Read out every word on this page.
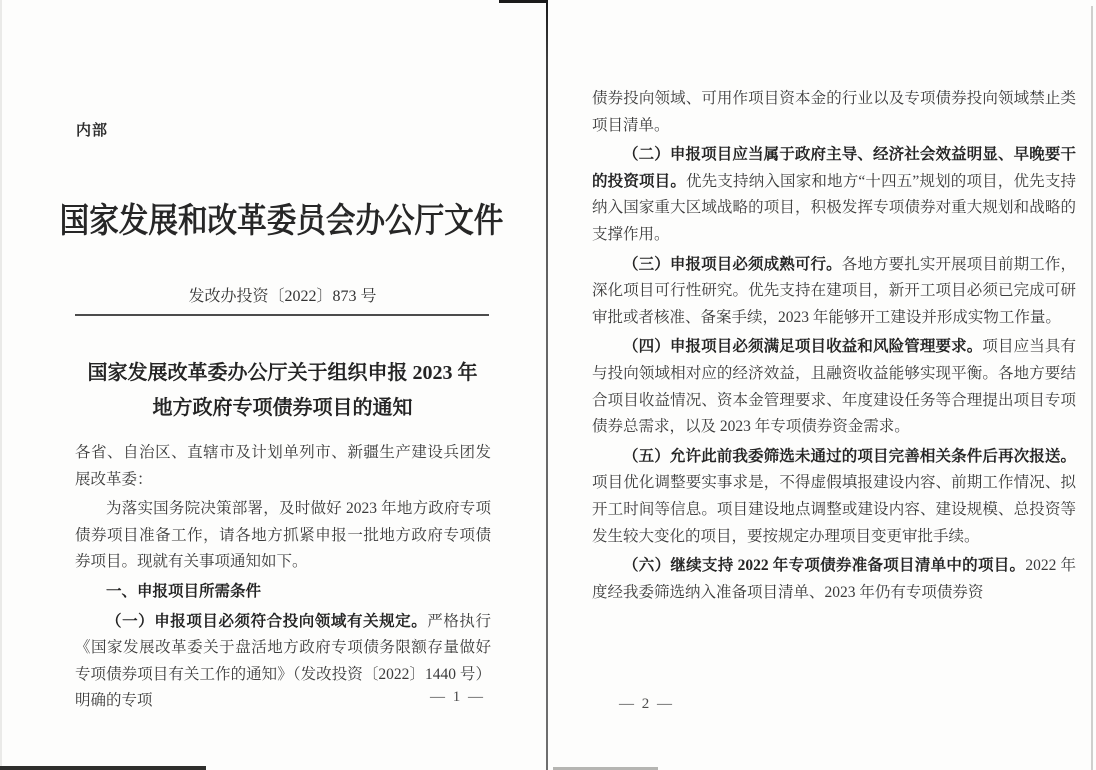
内部
国家发展和改革委员会办公厅文件
发改办投资〔2022〕873 号
国家发展改革委办公厅关于组织申报 2023 年
地方政府专项债券项目的通知

各省、自治区、直辖市及计划单列市、新疆生产建设兵团发展改革委：

为落实国务院决策部署，及时做好 2023 年地方政府专项债券项目准备工作，请各地方抓紧申报一批地方政府专项债券项目。现就有关事项通知如下。

一、申报项目所需条件

（一）申报项目必须符合投向领域有关规定。严格执行《国家发展改革委关于盘活地方政府专项债务限额存量做好专项债券项目有关工作的通知》（发改投资〔2022〕1440 号）明确的专项	— 1 —

债券投向领域、可用作项目资本金的行业以及专项债券投向领域禁止类项目清单。

（二）申报项目应当属于政府主导、经济社会效益明显、早晚要干的投资项目。优先支持纳入国家和地方“十四五”规划的项目，优先支持纳入国家重大区域战略的项目，积极发挥专项债券对重大规划和战略的支撑作用。

（三）申报项目必须成熟可行。各地方要扎实开展项目前期工作，深化项目可行性研究。优先支持在建项目，新开工项目必须已完成可研审批或者核准、备案手续，2023 年能够开工建设并形成实物工作量。

（四）申报项目必须满足项目收益和风险管理要求。项目应当具有与投向领域相对应的经济效益，且融资收益能够实现平衡。各地方要结合项目收益情况、资本金管理要求、年度建设任务等合理提出项目专项债券总需求，以及 2023 年专项债券资金需求。

（五）允许此前我委筛选未通过的项目完善相关条件后再次报送。项目优化调整要实事求是，不得虚假填报建设内容、前期工作情况、拟开工时间等信息。项目建设地点调整或建设内容、建设规模、总投资等发生较大变化的项目，要按规定办理项目变更审批手续。

（六）继续支持 2022 年专项债券准备项目清单中的项目。2022 年度经我委筛选纳入准备项目清单、2023 年仍有专项债券资

— 2 —
